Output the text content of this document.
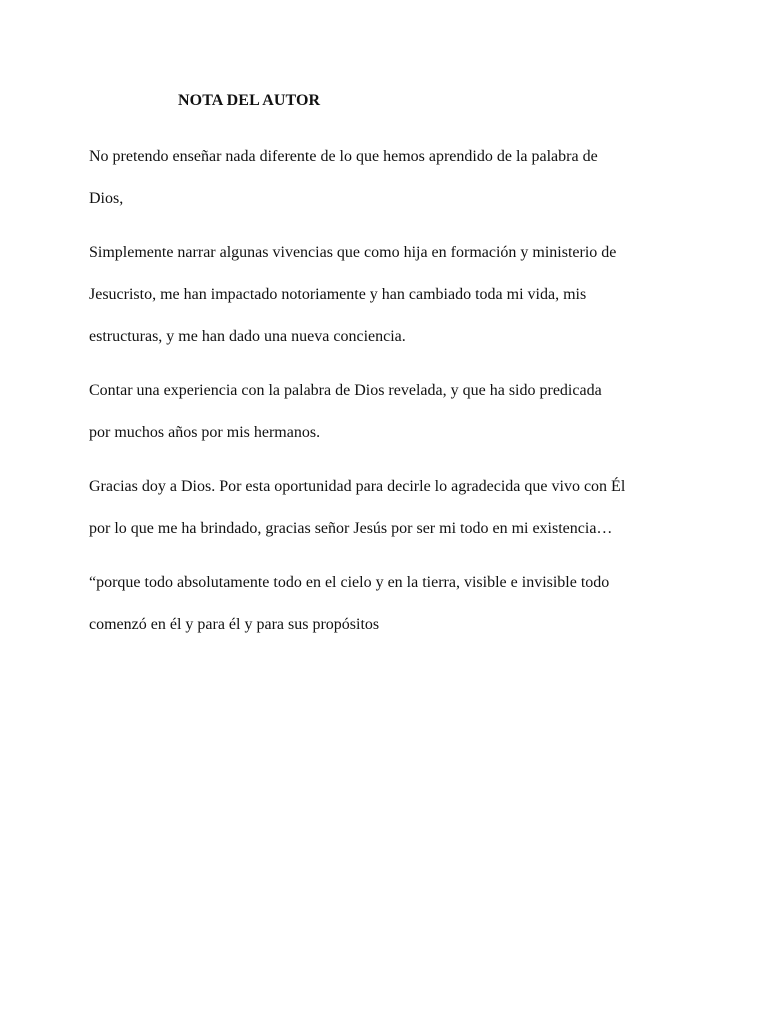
NOTA DEL AUTOR
No pretendo enseñar nada diferente de lo que hemos aprendido de la palabra de
Dios,
Simplemente narrar algunas vivencias que como hija en formación y ministerio de
Jesucristo, me han impactado notoriamente y han cambiado toda mi vida, mis
estructuras, y me han dado una nueva conciencia.
Contar una experiencia con la palabra de Dios revelada, y que ha sido predicada
por muchos años por mis hermanos.
Gracias doy a Dios. Por esta oportunidad para decirle lo agradecida que vivo con Él
por lo que me ha brindado, gracias señor Jesús por ser mi todo en mi existencia…
“porque todo absolutamente todo en el cielo y en la tierra, visible e invisible todo
comenzó en él y para él y para sus propósitos
